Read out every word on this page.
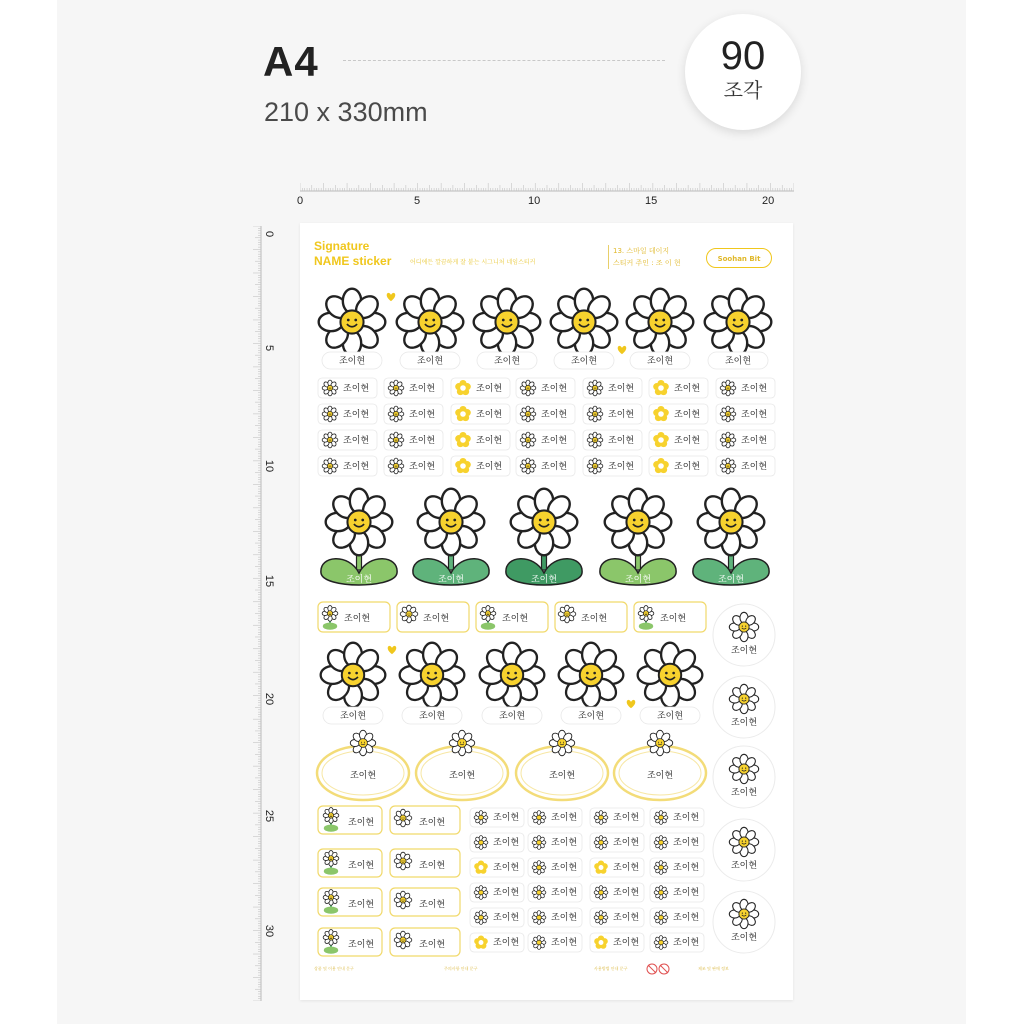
A4
210 x 330mm
90
조각
0	5	10	15	20
0
5
10
15
20
25
30
Signature
NAME sticker	어디에든 깔끔하게 잘 붙는 시그니처 네임스티커
13. 스마일 데이지
스티커 주인 : 조 이 현	Soohan Bit
조이현	조이현	조이현	조이현	조이현	조이현
조이현	조이현	조이현	조이현	조이현	조이현	조이현
조이현	조이현	조이현	조이현	조이현	조이현	조이현
조이현	조이현	조이현	조이현	조이현	조이현	조이현
조이현	조이현	조이현	조이현	조이현	조이현	조이현
조이현	조이현	조이현	조이현	조이현
조이현	조이현	조이현	조이현	조이현
조이현
조이현
조이현
조이현
조이현
조이현	조이현	조이현	조이현	조이현
조이현	조이현	조이현	조이현
조이현	조이현
조이현	조이현
조이현	조이현
조이현	조이현
조이현	조이현	조이현	조이현
조이현	조이현	조이현	조이현
조이현	조이현	조이현	조이현
조이현	조이현	조이현	조이현
조이현	조이현	조이현	조이현
조이현	조이현	조이현	조이현
상품 및 이용 안내 문구	주의사항 안내 문구	사용방법 안내 문구	제조 및 판매 정보
